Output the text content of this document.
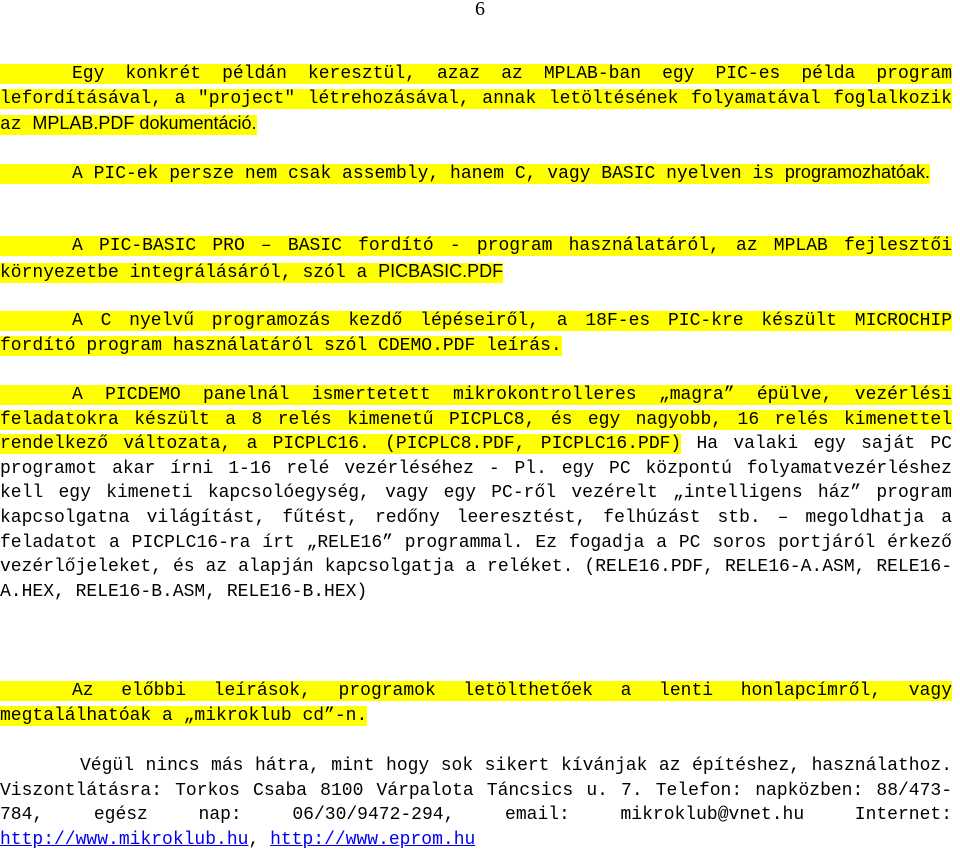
6
Egy konkrét példán keresztül, azaz az MPLAB-ban egy PIC-es példa program lefordításával, a "project" létrehozásával, annak letöltésének folyamatával foglalkozik az MPLAB.PDF dokumentáció.
A PIC-ek persze nem csak assembly, hanem C, vagy BASIC nyelven is programozhatóak.
A PIC-BASIC PRO – BASIC fordító - program használatáról, az MPLAB fejlesztői környezetbe integrálásáról, szól a PICBASIC.PDF
A C nyelvű programozás kezdő lépéseiről, a 18F-es PIC-kre készült MICROCHIP fordító program használatáról szól CDEMO.PDF leírás.
A PICDEMO panelnál ismertetett mikrokontrolleres „magra” épülve, vezérlési feladatokra készült a 8 relés kimenetű PICPLC8, és egy nagyobb, 16 relés kimenettel rendelkező változata, a PICPLC16. (PICPLC8.PDF, PICPLC16.PDF) Ha valaki egy saját PC programot akar írni 1-16 relé vezérléséhez - Pl. egy PC központú folyamatvezérléshez kell egy kimeneti kapcsolóegység, vagy egy PC-ről vezérelt „intelligens ház” program kapcsolgatna világítást, fűtést, redőny leeresztést, felhúzást stb. – megoldhatja a feladatot a PICPLC16-ra írt „RELE16” programmal. Ez fogadja a PC soros portjáról érkező vezérlőjeleket, és az alapján kapcsolgatja a reléket. (RELE16.PDF, RELE16-A.ASM, RELE16-A.HEX, RELE16-B.ASM, RELE16-B.HEX)
Az előbbi leírások, programok letölthetőek a lenti honlapcímről, vagy megtalálhatóak a „mikroklub cd”-n.
Végül nincs más hátra, mint hogy sok sikert kívánjak az építéshez, használathoz. Viszontlátásra: Torkos Csaba 8100 Várpalota Táncsics u. 7. Telefon: napközben: 88/473-784, egész nap: 06/30/9472-294, email: mikroklub@vnet.hu Internet: http://www.mikroklub.hu, http://www.eprom.hu
